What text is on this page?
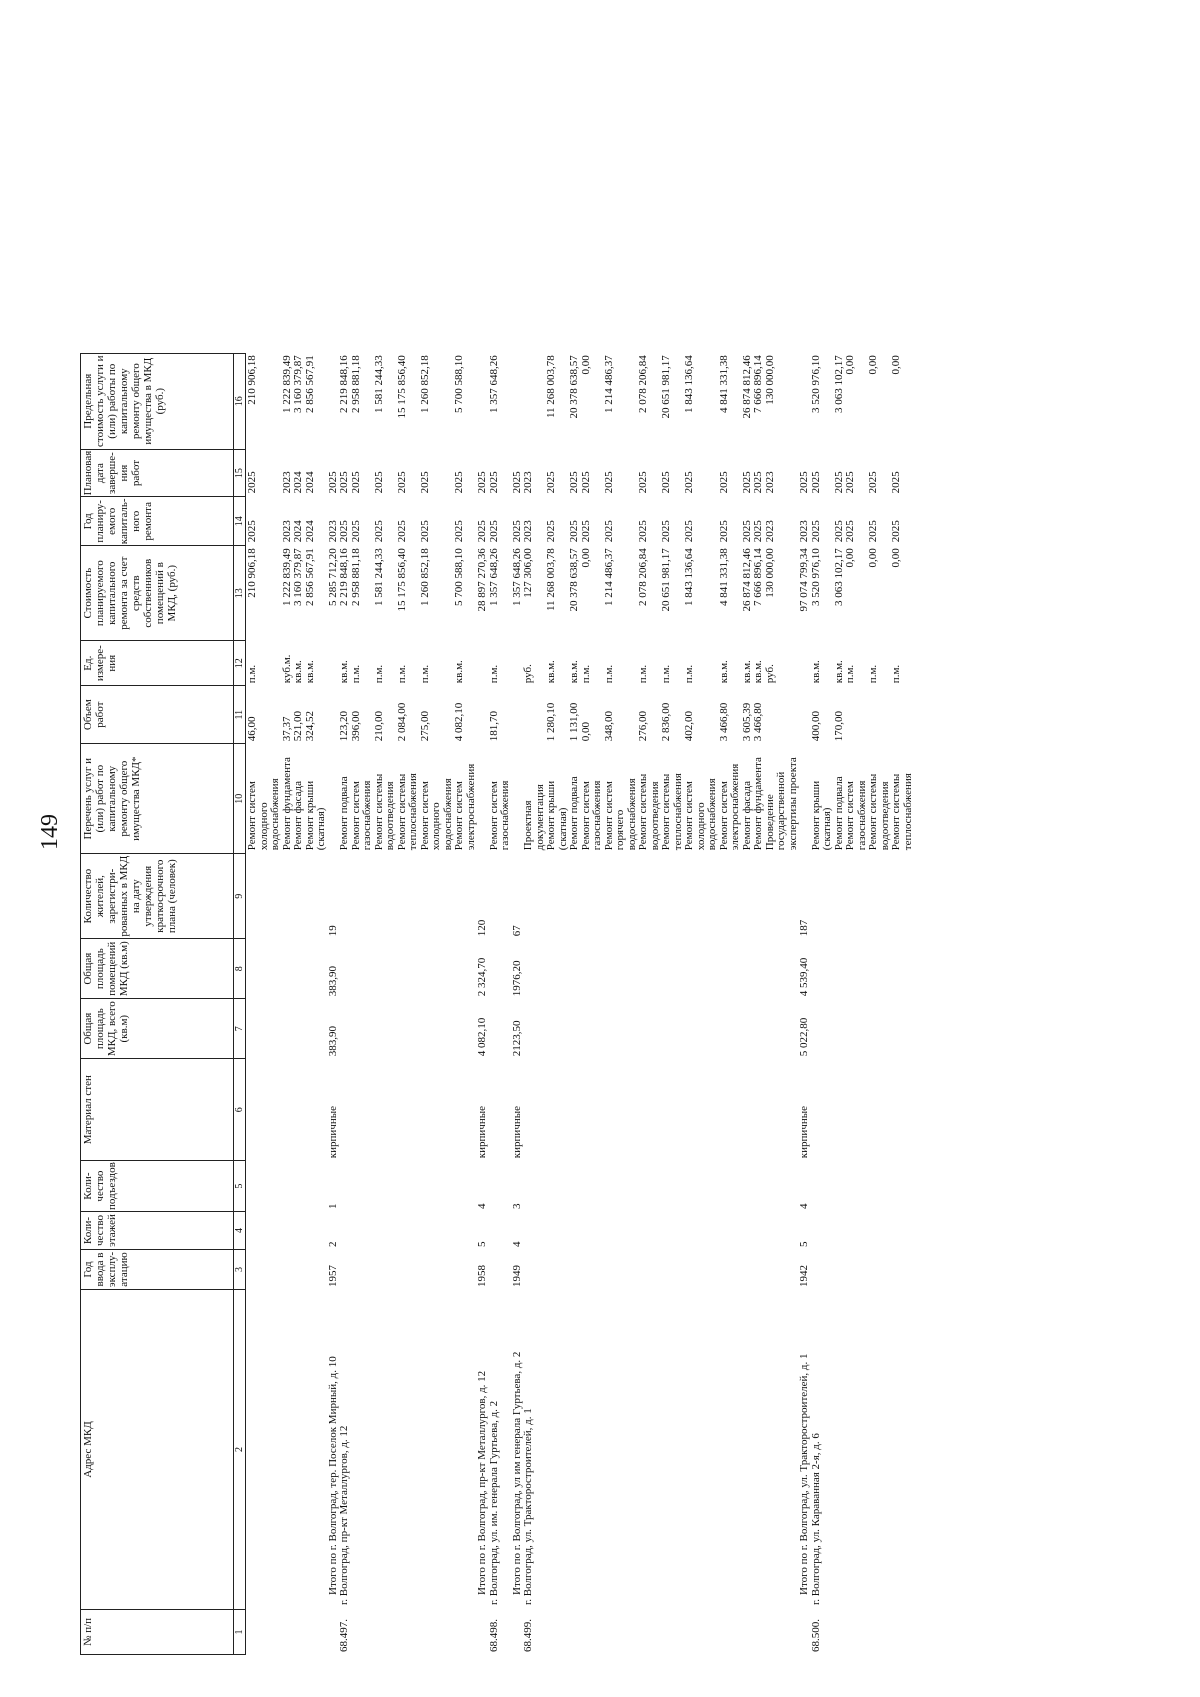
149
№ п/п	Адрес МКД	Год ввода в эксплу-атацию	Коли-чество этажей	Коли-чество подъездов	Материал стен	Общая площадь МКД, всего (кв.м)	Общая площадь помещений МКД (кв.м)	Количество жителей, зарегистри-рованных в МКД на дату утверждения краткосрочного плана (человек)	Перечень услуг и (или) работ по капитальному ремонту общего имущества МКД*	Объем работ	Ед. измере-ния	Стоимость планируемого капитального ремонта за счет средств собственников помещений в МКД, (руб.)	Год планиру-емого капиталь-ного ремонта	Плановая дата заверше-ния работ	Предельная стоимость услуги и (или) работы по капитальному ремонту общего имущества в МКД (руб.)
1	2	3	4	5	6	7	8	9	10	11	12	13	14	15	16
									Ремонт систем холодного водоснабжения	46,00	п.м.	210 906,18	2025	2025	210 906,18
									Ремонт фундамента	37,37	куб.м.	1 222 839,49	2023	2023	1 222 839,49
									Ремонт фасада	521,00	кв.м.	3 160 379,87	2024	2024	3 160 379,87
									Ремонт крыши (скатная)	324,52	кв.м.	2 856 567,91	2024	2024	2 856 567,91
	Итого по г. Волгоград, тер. Поселок Мирный, д. 10	1957	2	1	кирпичные	383,90	383,90	19				5 285 712,20	2023	2025	
68.497.	г. Волгоград, пр-кт Металлургов, д. 12								Ремонт подвала	123,20	кв.м.	2 219 848,16	2025	2025	2 219 848,16
									Ремонт систем газоснабжения	396,00	п.м.	2 958 881,18	2025	2025	2 958 881,18
									Ремонт системы водоотведения	210,00	п.м.	1 581 244,33	2025	2025	1 581 244,33
									Ремонт системы теплоснабжения	2 084,00	п.м.	15 175 856,40	2025	2025	15 175 856,40
									Ремонт систем холодного водоснабжения	275,00	п.м.	1 260 852,18	2025	2025	1 260 852,18
									Ремонт систем электроснабжения	4 082,10	кв.м.	5 700 588,10	2025	2025	5 700 588,10
	Итого по г. Волгоград, пр-кт Металлургов, д. 12	1958	5	4	кирпичные	4 082,10	2 324,70	120				28 897 270,36	2025	2025	
68.498.	г. Волгоград, ул. им. генерала Гуртьева, д. 2								Ремонт систем газоснабжения	181,70	п.м.	1 357 648,26	2025	2025	1 357 648,26
	Итого по г. Волгоград, ул им генерала Гуртьева, д. 2	1949	4	3	кирпичные	2123,50	1976,20	67				1 357 648,26	2025	2025	
68.499.	г. Волгоград, ул. Тракторостроителей, д. 1								Проектная документация		руб.	127 306,00	2023	2023	
									Ремонт крыши (скатная)	1 280,10	кв.м.	11 268 003,78	2025	2025	11 268 003,78
									Ремонт подвала	1 131,00	кв.м.	20 378 638,57	2025	2025	20 378 638,57
									Ремонт систем газоснабжения	0,00	п.м.	0,00	2025	2025	0,00
									Ремонт систем горячего водоснабжения	348,00	п.м.	1 214 486,37	2025	2025	1 214 486,37
									Ремонт системы водоотведения	276,00	п.м.	2 078 206,84	2025	2025	2 078 206,84
									Ремонт системы теплоснабжения	2 836,00	п.м.	20 651 981,17	2025	2025	20 651 981,17
									Ремонт систем холодного водоснабжения	402,00	п.м.	1 843 136,64	2025	2025	1 843 136,64
									Ремонт систем электроснабжения	3 466,80	кв.м.	4 841 331,38	2025	2025	4 841 331,38
									Ремонт фасада	3 605,39	кв.м.	26 874 812,46	2025	2025	26 874 812,46
									Ремонт фундамента	3 466,80	кв.м.	7 666 896,14	2025	2025	7 666 896,14
									Проведение государственной экспертизы проекта		руб.	130 000,00	2023	2023	130 000,00
	Итого по г. Волгоград, ул. Тракторостроителей, д. 1	1942	5	4	кирпичные	5 022,80	4 539,40	187				97 074 799,34	2023	2025	
68.500.	г. Волгоград, ул. Караванная 2-я, д. 6								Ремонт крыши (скатная)	400,00	кв.м.	3 520 976,10	2025	2025	3 520 976,10
									Ремонт подвала	170,00	кв.м.	3 063 102,17	2025	2025	3 063 102,17
									Ремонт систем газоснабжения		п.м.	0,00	2025	2025	0,00
									Ремонт системы водоотведения		п.м.	0,00	2025	2025	0,00
									Ремонт системы теплоснабжения		п.м.	0,00	2025	2025	0,00
